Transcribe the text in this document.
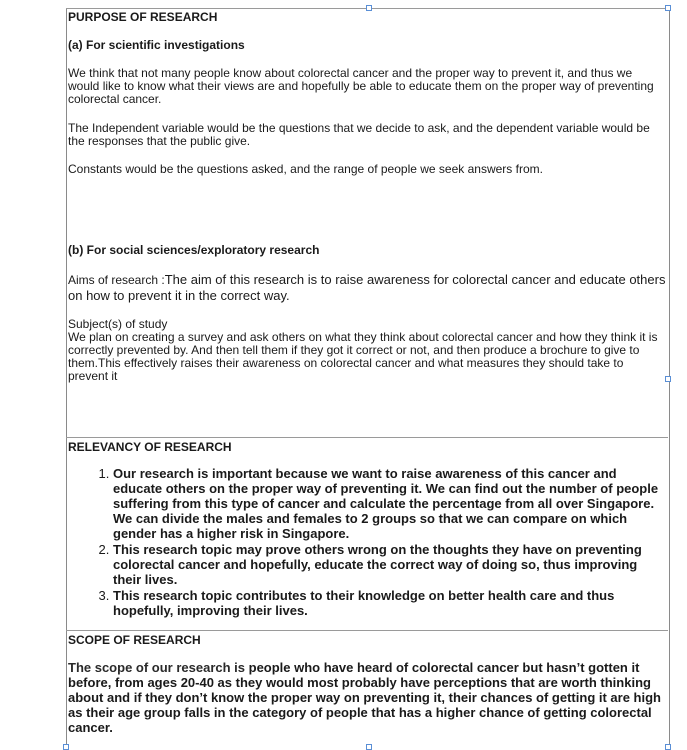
PURPOSE OF RESEARCH
(a) For scientific investigations
We think that not many people know about colorectal cancer and the proper way to prevent it, and thus we would like to know what their views are and hopefully be able to educate them on the proper way of preventing colorectal cancer.
The Independent variable would be the questions that we decide to ask, and the dependent variable would be the responses that the public give.
Constants would be the questions asked, and the range of people we seek answers from.
(b) For social sciences/exploratory research
Aims of research :The aim of this research is to raise awareness for colorectal cancer and educate others on how to prevent it in the correct way.
Subject(s) of study
We plan on creating a survey and ask others on what they think about colorectal cancer and how they think it is correctly prevented by. And then tell them if they got it correct or not, and then produce a brochure to give to them.This effectively raises their awareness on colorectal cancer and what measures they should take to prevent it
RELEVANCY OF RESEARCH
1. Our research is important because we want to raise awareness of this cancer and educate others on the proper way of preventing it. We can find out the number of people suffering from this type of cancer and calculate the percentage from all over Singapore. We can divide the males and females to 2 groups so that we can compare on which gender has a higher risk in Singapore.
2. This research topic may prove others wrong on the thoughts they have on preventing colorectal cancer and hopefully, educate the correct way of doing so, thus improving their lives.
3. This research topic contributes to their knowledge on better health care and thus hopefully, improving their lives.
SCOPE OF RESEARCH
The scope of our research is people who have heard of colorectal cancer but hasn’t gotten it before, from ages 20-40 as they would most probably have perceptions that are worth thinking about and if they don’t know the proper way on preventing it, their chances of getting it are high as their age group falls in the category of people that has a higher chance of getting colorectal cancer.
